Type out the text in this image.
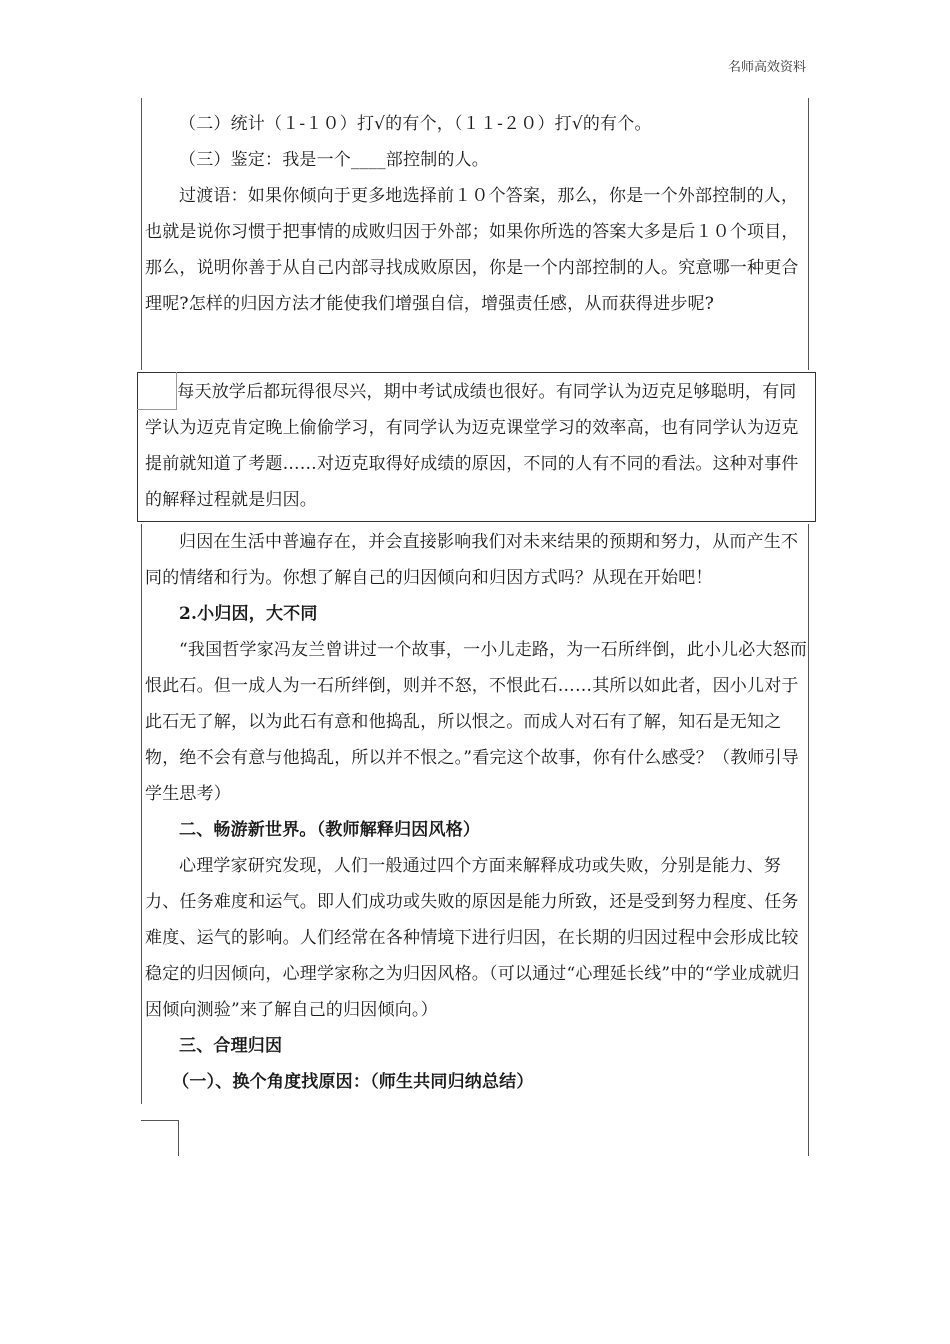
名师高效资料

（二）统计（１-１０）打√的有个，（１１-２０）打√的有个。

（三）鉴定：我是一个____部控制的人。

过渡语：如果你倾向于更多地选择前１０个答案，那么，你是一个外部控制的人，也就是说你习惯于把事情的成败归因于外部；如果你所选的答案大多是后１０个项目，那么，说明你善于从自己内部寻找成败原因，你是一个内部控制的人。究意哪一种更合理呢?怎样的归因方法才能使我们增强自信，增强责任感，从而获得进步呢?

每天放学后都玩得很尽兴，期中考试成绩也很好。有同学认为迈克足够聪明，有同学认为迈克肯定晚上偷偷学习，有同学认为迈克课堂学习的效率高，也有同学认为迈克提前就知道了考题……对迈克取得好成绩的原因，不同的人有不同的看法。这种对事件的解释过程就是归因。

归因在生活中普遍存在，并会直接影响我们对未来结果的预期和努力，从而产生不同的情绪和行为。你想了解自己的归因倾向和归因方式吗？从现在开始吧！

2.小归因，大不同

“我国哲学家冯友兰曾讲过一个故事，一小儿走路，为一石所绊倒，此小儿必大怒而恨此石。但一成人为一石所绊倒，则并不怒，不恨此石……其所以如此者，因小儿对于此石无了解，以为此石有意和他捣乱，所以恨之。而成人对石有了解，知石是无知之物，绝不会有意与他捣乱，所以并不恨之。”看完这个故事，你有什么感受？（教师引导学生思考）

二、畅游新世界。（教师解释归因风格）

心理学家研究发现，人们一般通过四个方面来解释成功或失败，分别是能力、努力、任务难度和运气。即人们成功或失败的原因是能力所致，还是受到努力程度、任务难度、运气的影响。人们经常在各种情境下进行归因，在长期的归因过程中会形成比较稳定的归因倾向，心理学家称之为归因风格。（可以通过“心理延长线”中的“学业成就归因倾向测验”来了解自己的归因倾向。）

三、合理归因

（一）、换个角度找原因：（师生共同归纳总结）
